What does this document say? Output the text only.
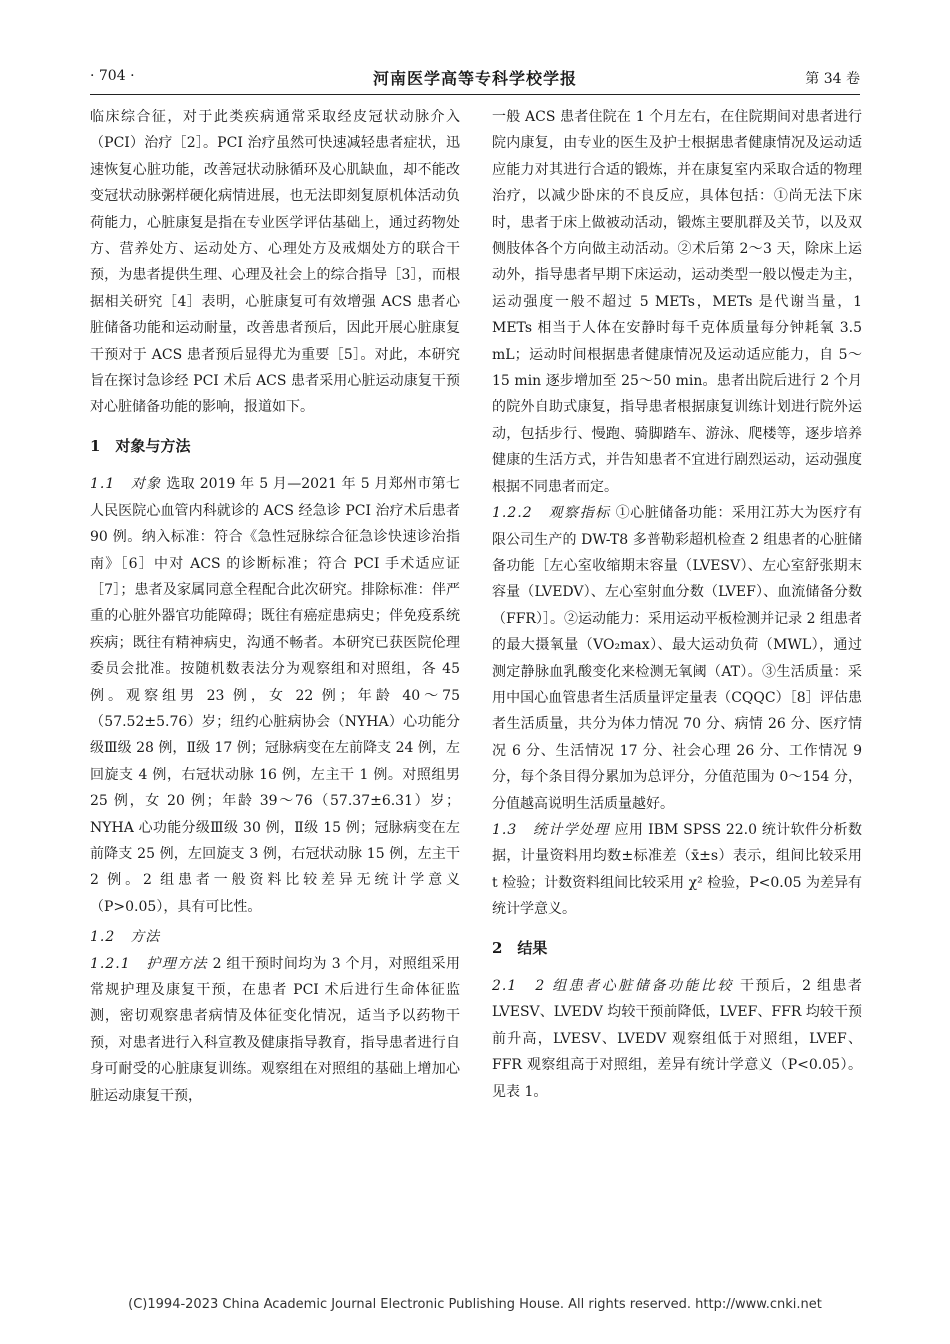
· 704 ·	河南医学高等专科学校学报	第 34 卷

临床综合征，对于此类疾病通常采取经皮冠状动脉介入（PCI）治疗［2］。PCI 治疗虽然可快速减轻患者症状，迅速恢复心脏功能，改善冠状动脉循环及心肌缺血，却不能改变冠状动脉粥样硬化病情进展，也无法即刻复原机体活动负荷能力，心脏康复是指在专业医学评估基础上，通过药物处方、营养处方、运动处方、心理处方及戒烟处方的联合干预，为患者提供生理、心理及社会上的综合指导［3］，而根据相关研究［4］表明，心脏康复可有效增强 ACS 患者心脏储备功能和运动耐量，改善患者预后，因此开展心脏康复干预对于 ACS 患者预后显得尤为重要［5］。对此，本研究旨在探讨急诊经 PCI 术后 ACS 患者采用心脏运动康复干预对心脏储备功能的影响，报道如下。

1　对象与方法

1.1　对象 选取 2019 年 5 月—2021 年 5 月郑州市第七人民医院心血管内科就诊的 ACS 经急诊 PCI 治疗术后患者 90 例。纳入标准：符合《急性冠脉综合征急诊快速诊治指南》［6］中对 ACS 的诊断标准；符合 PCI 手术适应证［7］；患者及家属同意全程配合此次研究。排除标准：伴严重的心脏外器官功能障碍；既往有癌症患病史；伴免疫系统疾病；既往有精神病史，沟通不畅者。本研究已获医院伦理委员会批准。按随机数表法分为观察组和对照组，各 45 例。观察组男 23 例，女 22 例；年龄 40～75（57.52±5.76）岁；纽约心脏病协会（NYHA）心功能分级Ⅲ级 28 例，Ⅱ级 17 例；冠脉病变在左前降支 24 例，左回旋支 4 例，右冠状动脉 16 例，左主干 1 例。对照组男 25 例，女 20 例；年龄 39～76（57.37±6.31）岁；NYHA 心功能分级Ⅲ级 30 例，Ⅱ级 15 例；冠脉病变在左前降支 25 例，左回旋支 3 例，右冠状动脉 15 例，左主干 2 例。2 组患者一般资料比较差异无统计学意义（P>0.05），具有可比性。

1.2　方法

1.2.1　护理方法 2 组干预时间均为 3 个月，对照组采用常规护理及康复干预，在患者 PCI 术后进行生命体征监测，密切观察患者病情及体征变化情况，适当予以药物干预，对患者进行入科宣教及健康指导教育，指导患者进行自身可耐受的心脏康复训练。观察组在对照组的基础上增加心脏运动康复干预，

一般 ACS 患者住院在 1 个月左右，在住院期间对患者进行院内康复，由专业的医生及护士根据患者健康情况及运动适应能力对其进行合适的锻炼，并在康复室内采取合适的物理治疗，以减少卧床的不良反应，具体包括：①尚无法下床时，患者于床上做被动活动，锻炼主要肌群及关节，以及双侧肢体各个方向做主动活动。②术后第 2～3 天，除床上运动外，指导患者早期下床运动，运动类型一般以慢走为主，运动强度一般不超过 5 METs，METs 是代谢当量，1 METs 相当于人体在安静时每千克体质量每分钟耗氧 3.5 mL；运动时间根据患者健康情况及运动适应能力，自 5～15 min 逐步增加至 25～50 min。患者出院后进行 2 个月的院外自助式康复，指导患者根据康复训练计划进行院外运动，包括步行、慢跑、骑脚踏车、游泳、爬楼等，逐步培养健康的生活方式，并告知患者不宜进行剧烈运动，运动强度根据不同患者而定。

1.2.2　观察指标 ①心脏储备功能：采用江苏大为医疗有限公司生产的 DW-T8 多普勒彩超机检查 2 组患者的心脏储备功能［左心室收缩期末容量（LVESV）、左心室舒张期末容量（LVEDV）、左心室射血分数（LVEF）、血流储备分数（FFR）］。②运动能力：采用运动平板检测并记录 2 组患者的最大摄氧量（VO₂max）、最大运动负荷（MWL），通过测定静脉血乳酸变化来检测无氧阈（AT）。③生活质量：采用中国心血管患者生活质量评定量表（CQQC）［8］评估患者生活质量，共分为体力情况 70 分、病情 26 分、医疗情况 6 分、生活情况 17 分、社会心理 26 分、工作情况 9 分，每个条目得分累加为总评分，分值范围为 0～154 分，分值越高说明生活质量越好。

1.3　统计学处理 应用 IBM SPSS 22.0 统计软件分析数据，计量资料用均数±标准差（x̄±s）表示，组间比较采用 t 检验；计数资料组间比较采用 χ² 检验，P<0.05 为差异有统计学意义。

2　结果

2.1　2 组患者心脏储备功能比较 干预后，2 组患者 LVESV、LVEDV 均较干预前降低，LVEF、FFR 均较干预前升高，LVESV、LVEDV 观察组低于对照组，LVEF、FFR 观察组高于对照组，差异有统计学意义（P<0.05）。见表 1。

(C)1994-2023 China Academic Journal Electronic Publishing House. All rights reserved. http://www.cnki.net
